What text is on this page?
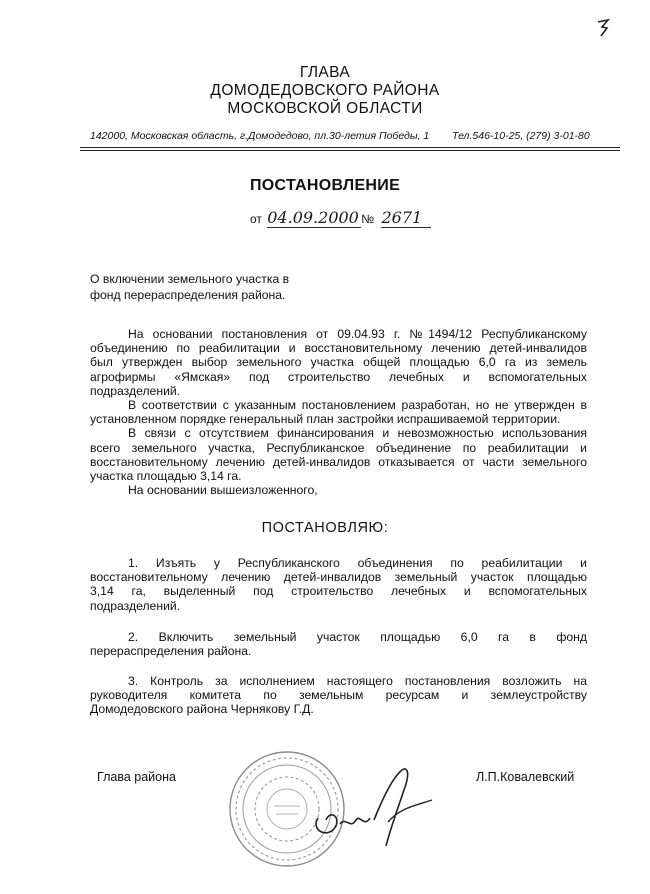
ГЛАВА
ДОМОДЕДОВСКОГО РАЙОНА
МОСКОВСКОЙ ОБЛАСТИ
142000, Московская область, г.Домодедово, пл.30-летия Победы, 1 Тел.546-10-25, (279) 3-01-80
ПОСТАНОВЛЕНИЕ
от 04.09.2000 № 2671
О включении земельного участка в
фонд перераспределения района.
На основании постановления от 09.04.93 г. №1494/12 Республиканскому
объединению по реабилитации и восстановительному лечению детей-инвалидов
был утвержден выбор земельного участка общей площадью 6,0 га из земель
агрофирмы «Ямская» под строительство лечебных и вспомогательных
подразделений.
В соответствии с указанным постановлением разработан, но не утвержден в
установленном порядке генеральный план застройки испрашиваемой территории.
В связи с отсутствием финансирования и невозможностью использования
всего земельного участка, Республиканское объединение по реабилитации и
восстановительному лечению детей-инвалидов отказывается от части земельного
участка площадью 3,14 га.
На основании вышеизложенного,
ПОСТАНОВЛЯЮ:
1. Изъять у Республиканского объединения по реабилитации и
восстановительному лечению детей-инвалидов земельный участок площадью
3,14 га, выделенный под строительство лечебных и вспомогательных
подразделений.
2. Включить земельный участок площадью 6,0 га в фонд
перераспределения района.
3. Контроль за исполнением настоящего постановления возложить на
руководителя комитета по земельным ресурсам и землеустройству
Домодедовского района Чернякову Г.Д.
Глава района	Л.П.Ковалевский
